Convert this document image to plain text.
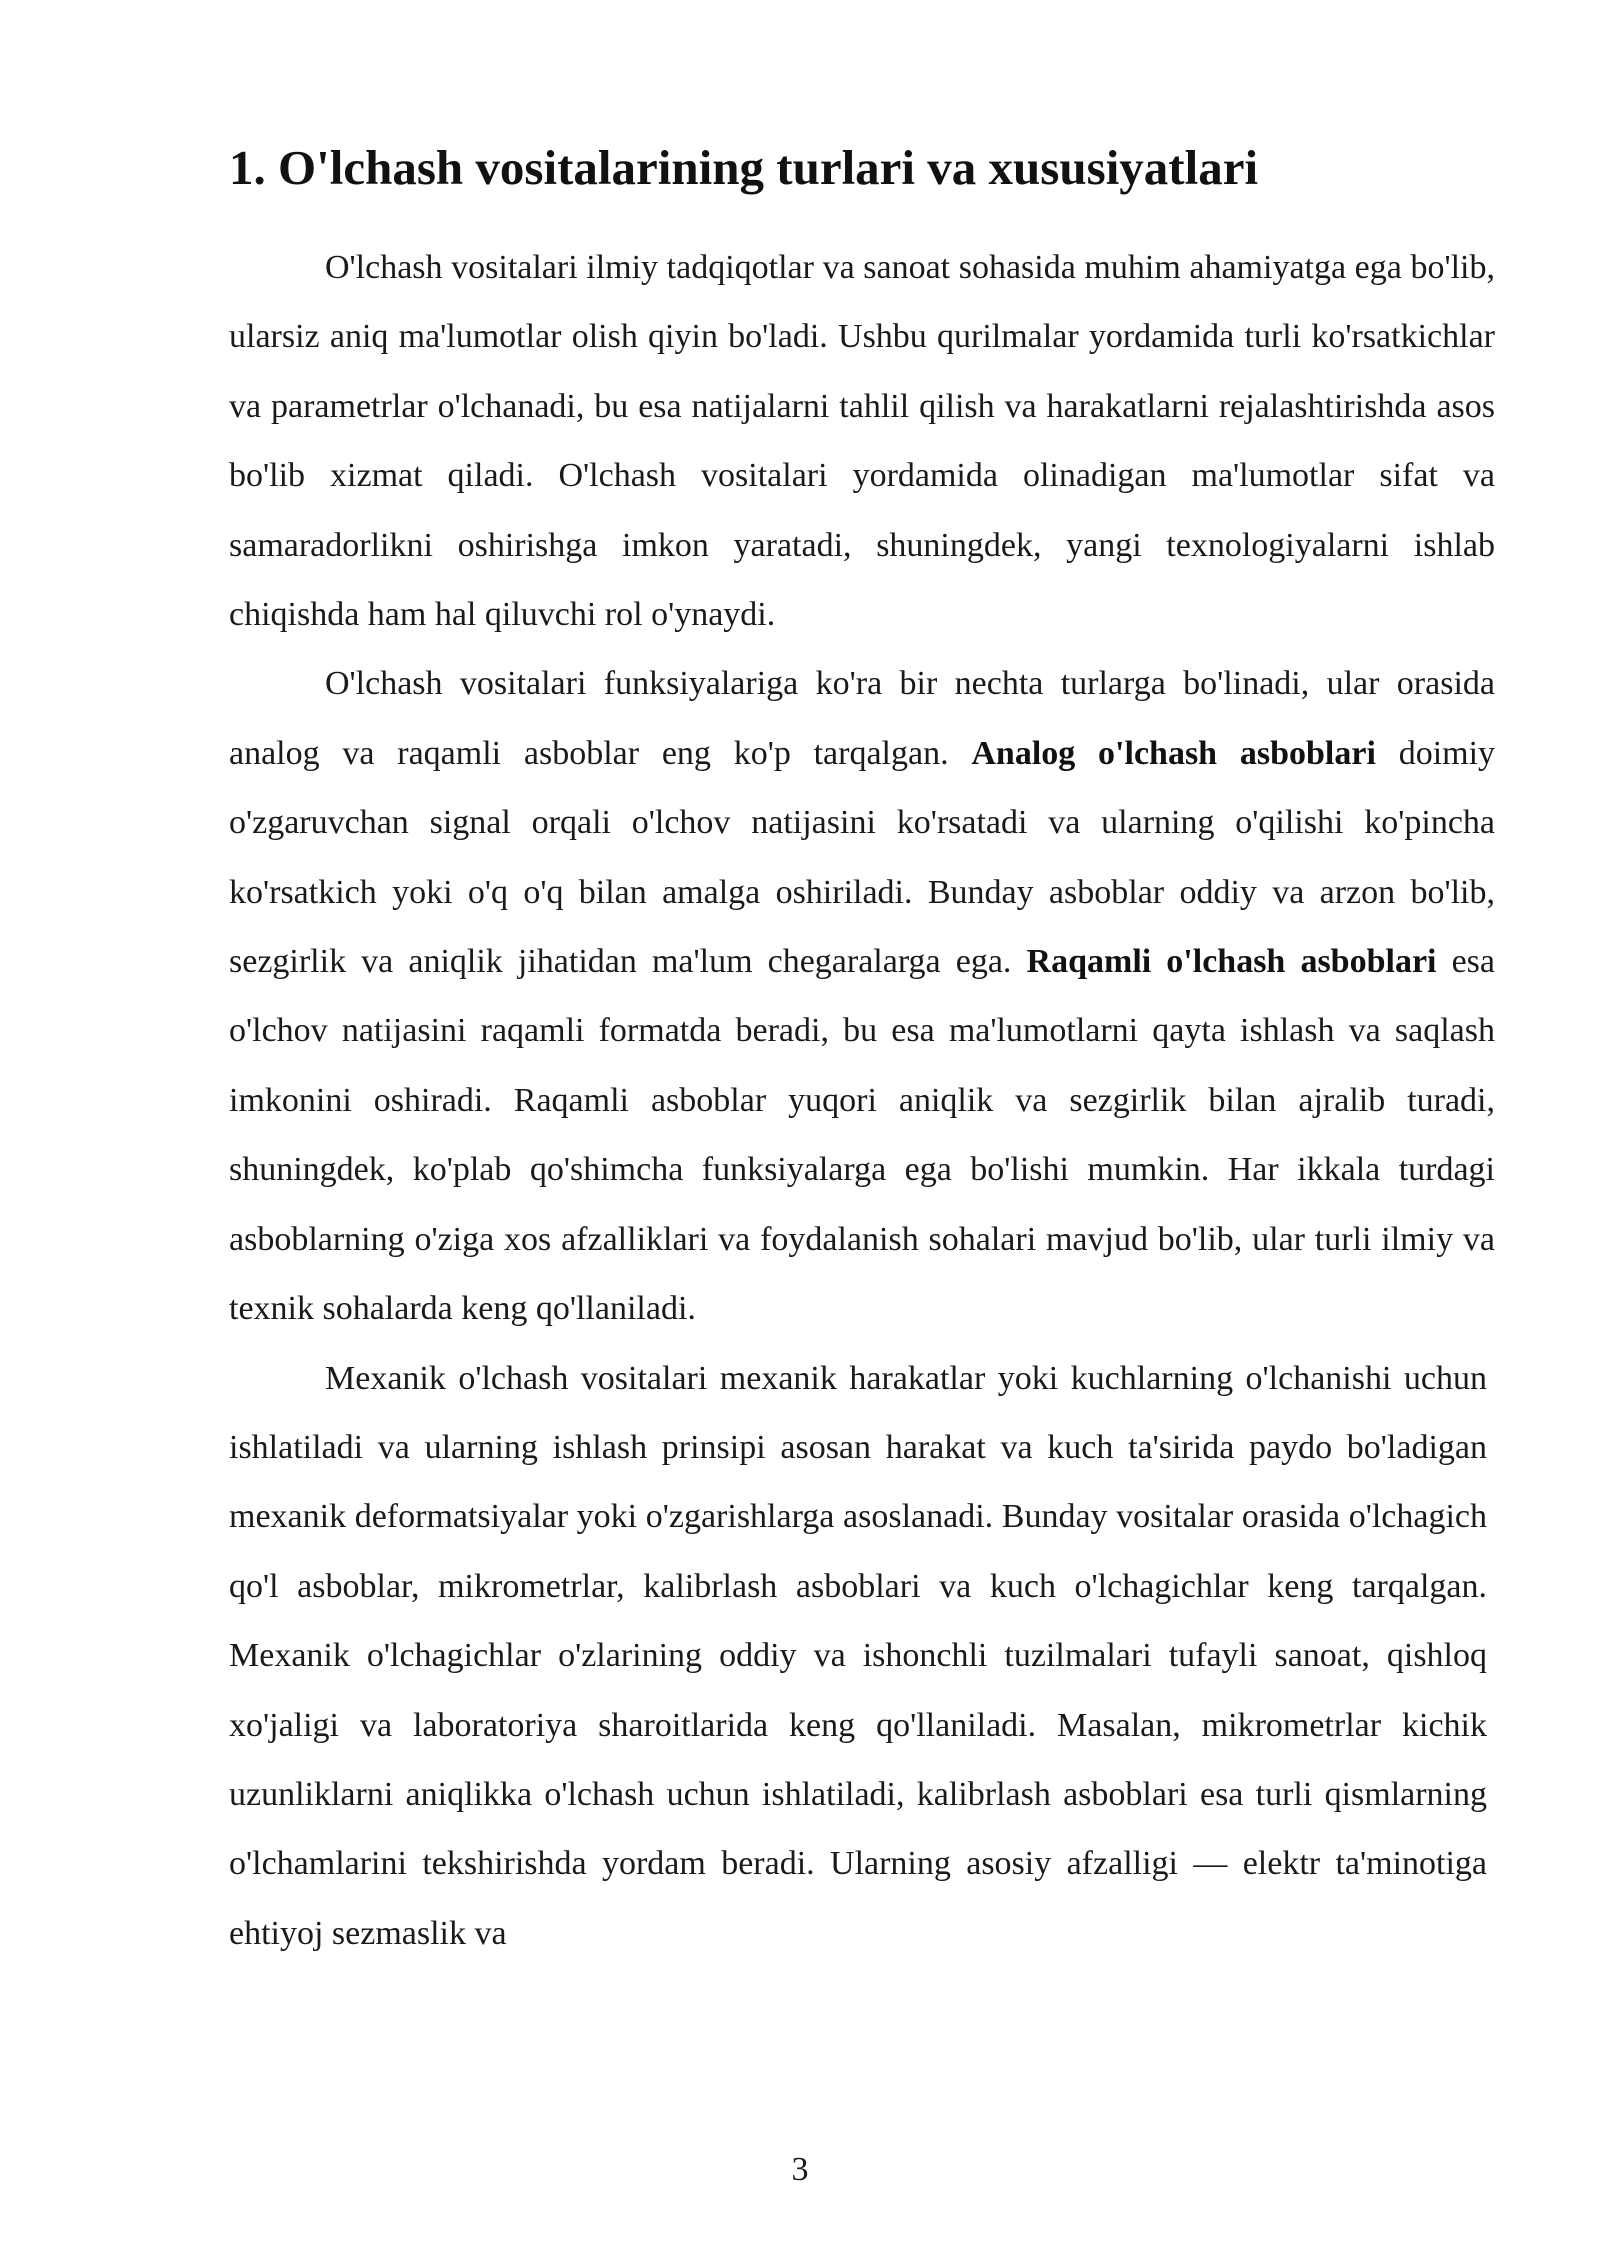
1. O'lchash vositalarining turlari va xususiyatlari

O'lchash vositalari ilmiy tadqiqotlar va sanoat sohasida muhim ahamiyatga ega bo'lib, ularsiz aniq ma'lumotlar olish qiyin bo'ladi. Ushbu qurilmalar yordamida turli ko'rsatkichlar va parametrlar o'lchanadi, bu esa natijalarni tahlil qilish va harakatlarni rejalashtirishda asos bo'lib xizmat qiladi. O'lchash vositalari yordamida olinadigan ma'lumotlar sifat va samaradorlikni oshirishga imkon yaratadi, shuningdek, yangi texnologiyalarni ishlab chiqishda ham hal qiluvchi rol o'ynaydi.

O'lchash vositalari funksiyalariga ko'ra bir nechta turlarga bo'linadi, ular orasida analog va raqamli asboblar eng ko'p tarqalgan. Analog o'lchash asboblari doimiy o'zgaruvchan signal orqali o'lchov natijasini ko'rsatadi va ularning o'qilishi ko'pincha ko'rsatkich yoki o'q o'q bilan amalga oshiriladi. Bunday asboblar oddiy va arzon bo'lib, sezgirlik va aniqlik jihatidan ma'lum chegaralarga ega. Raqamli o'lchash asboblari esa o'lchov natijasini raqamli formatda beradi, bu esa ma'lumotlarni qayta ishlash va saqlash imkonini oshiradi. Raqamli asboblar yuqori aniqlik va sezgirlik bilan ajralib turadi, shuningdek, ko'plab qo'shimcha funksiyalarga ega bo'lishi mumkin. Har ikkala turdagi asboblarning o'ziga xos afzalliklari va foydalanish sohalari mavjud bo'lib, ular turli ilmiy va texnik sohalarda keng qo'llaniladi.

Mexanik o'lchash vositalari mexanik harakatlar yoki kuchlarning o'lchanishi uchun ishlatiladi va ularning ishlash prinsipi asosan harakat va kuch ta'sirida paydo bo'ladigan mexanik deformatsiyalar yoki o'zgarishlarga asoslanadi. Bunday vositalar orasida o'lchagich qo'l asboblar, mikrometrlar, kalibrlash asboblari va kuch o'lchagichlar keng tarqalgan. Mexanik o'lchagichlar o'zlarining oddiy va ishonchli tuzilmalari tufayli sanoat, qishloq xo'jaligi va laboratoriya sharoitlarida keng qo'llaniladi. Masalan, mikrometrlar kichik uzunliklarni aniqlikka o'lchash uchun ishlatiladi, kalibrlash asboblari esa turli qismlarning o'lchamlarini tekshirishda yordam beradi. Ularning asosiy afzalligi — elektr ta'minotiga ehtiyoj sezmaslik va

3
